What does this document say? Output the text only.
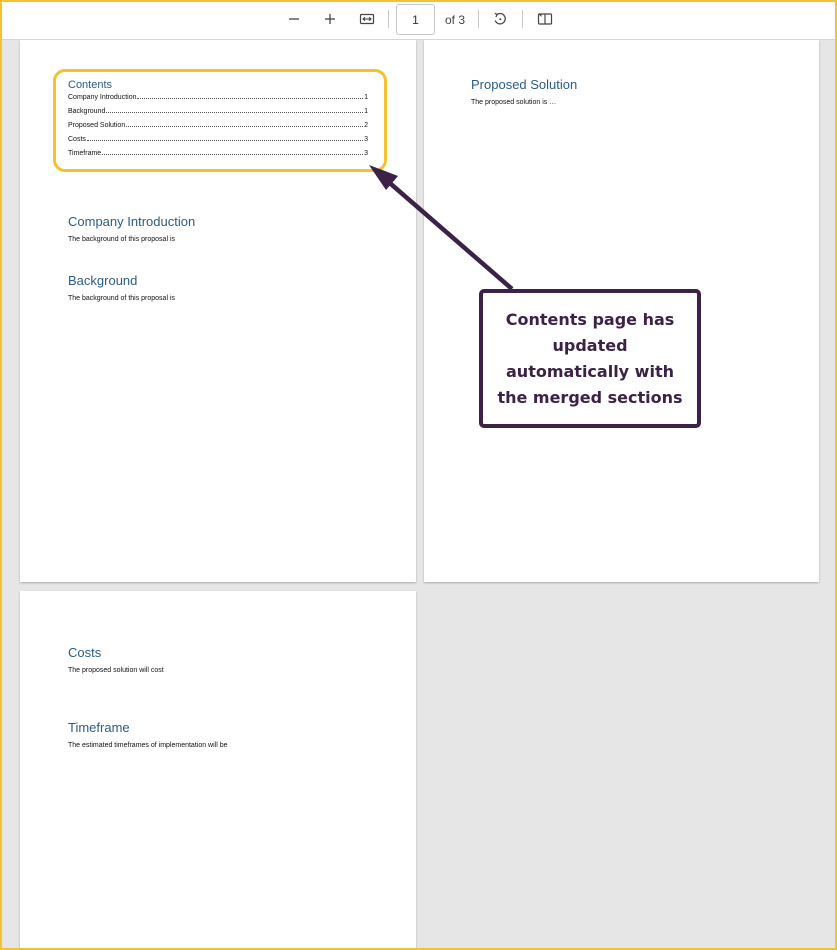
1
of 3
Contents
Company Introduction	1
Background	1
Proposed Solution	2
Costs	3
Timeframe	3
Company Introduction
The background of this proposal is
Background
The background of this proposal is
Proposed Solution
The proposed solution is …
Costs
The proposed solution will cost
Timeframe
The estimated timeframes of implementation will be
Contents page has updated automatically with the merged sections
